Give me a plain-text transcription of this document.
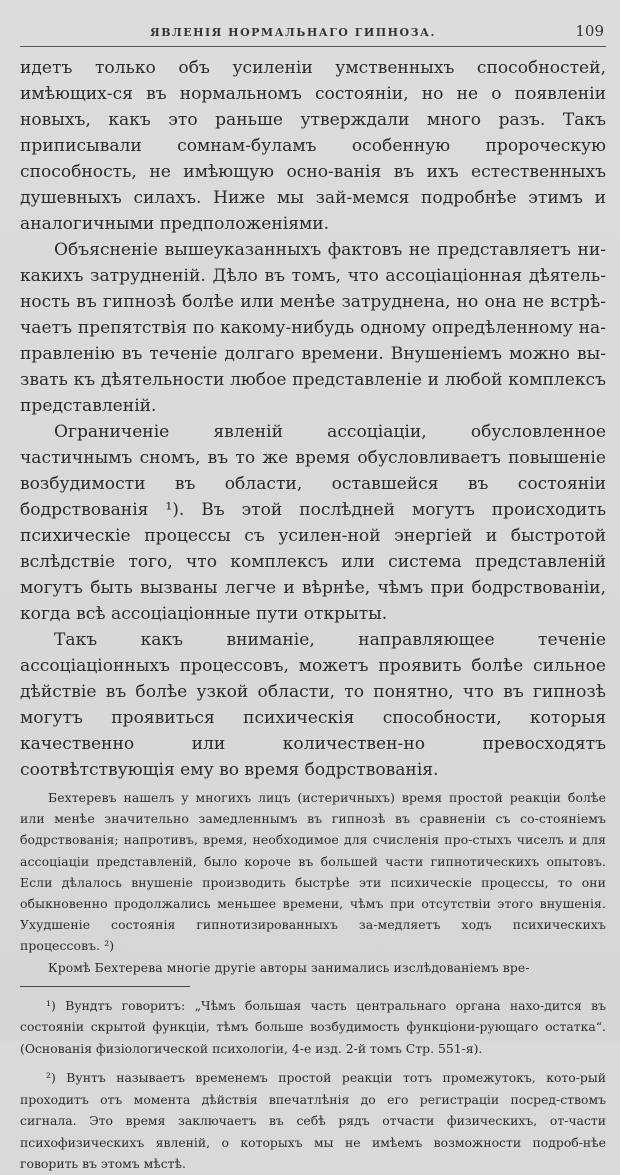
ЯВЛЕНІЯ НОРМАЛЬНАГО ГИПНОЗА.	109

идетъ только объ усиленіи умственныхъ способностей, имѣющих-ся въ нормальномъ состояніи, но не о появленіи новыхъ, какъ это раньше утверждали много разъ. Такъ приписывали сомнам-буламъ особенную пророческую способность, не имѣющую осно-ванія въ ихъ естественныхъ душевныхъ силахъ. Ниже мы зай-мемся подробнѣе этимъ и аналогичными предположеніями.

Объясненіе вышеуказанныхъ фактовъ не представляетъ ни-какихъ затрудненій. Дѣло въ томъ, что ассоціаціонная дѣятель-ность въ гипнозѣ болѣе или менѣе затруднена, но она не встрѣ-чаетъ препятствія по какому-нибудь одному опредѣленному на-правленію въ теченіе долгаго времени. Внушеніемъ можно вы-звать къ дѣятельности любое представленіе и любой комплексъ представленій.

Ограниченіе явленій ассоціаціи, обусловленное частичнымъ сномъ, въ то же время обусловливаетъ повышеніе возбудимости въ области, оставшейся въ состояніи бодрствованія ¹). Въ этой послѣдней могутъ происходить психическіе процессы съ усилен-ной энергіей и быстротой вслѣдствіе того, что комплексъ или система представленій могутъ быть вызваны легче и вѣрнѣе, чѣмъ при бодрствованіи, когда всѣ ассоціаціонные пути открыты.

Такъ какъ вниманіе, направляющее теченіе ассоціаціонныхъ процессовъ, можетъ проявить болѣе сильное дѣйствіе въ болѣе узкой области, то понятно, что въ гипнозѣ могутъ проявиться психическія способности, которыя качественно или количествен-но превосходятъ соотвѣтствующія ему во время бодрствованія.

Бехтеревъ нашелъ у многихъ лицъ (истеричныхъ) время простой реакціи болѣе или менѣе значительно замедленнымъ въ гипнозѣ въ сравненіи съ со-стояніемъ бодрствованія; напротивъ, время, необходимое для счисленія про-стыхъ чиселъ и для ассоціаціи представленій, было короче въ большей части гипнотическихъ опытовъ. Если дѣлалось внушеніе производить быстрѣе эти психическіе процессы, то они обыкновенно продолжались меньшее времени, чѣмъ при отсутствіи этого внушенія. Ухудшеніе состоянія гипнотизированныхъ за-медляетъ ходъ психическихъ процессовъ. ²)

Кромѣ Бехтерева многіе другіе авторы занимались изслѣдованіемъ вре-

¹) Вундтъ говоритъ: „Чѣмъ большая часть центральнаго органа нахо-дится въ состояніи скрытой функціи, тѣмъ больше возбудимость функціони-рующаго остатка“. (Основанія физіологической психологіи, 4-е изд. 2-й томъ Стр. 551-я).

²) Вунтъ называетъ временемъ простой реакціи тотъ промежутокъ, кото-рый проходитъ отъ момента дѣйствія впечатлѣнія до его регистраціи посред-ствомъ сигнала. Это время заключаетъ въ себѣ рядъ отчасти физическихъ, от-части психофизическихъ явленій, о которыхъ мы не имѣемъ возможности подроб-нѣе говорить въ этомъ мѣстѣ.
